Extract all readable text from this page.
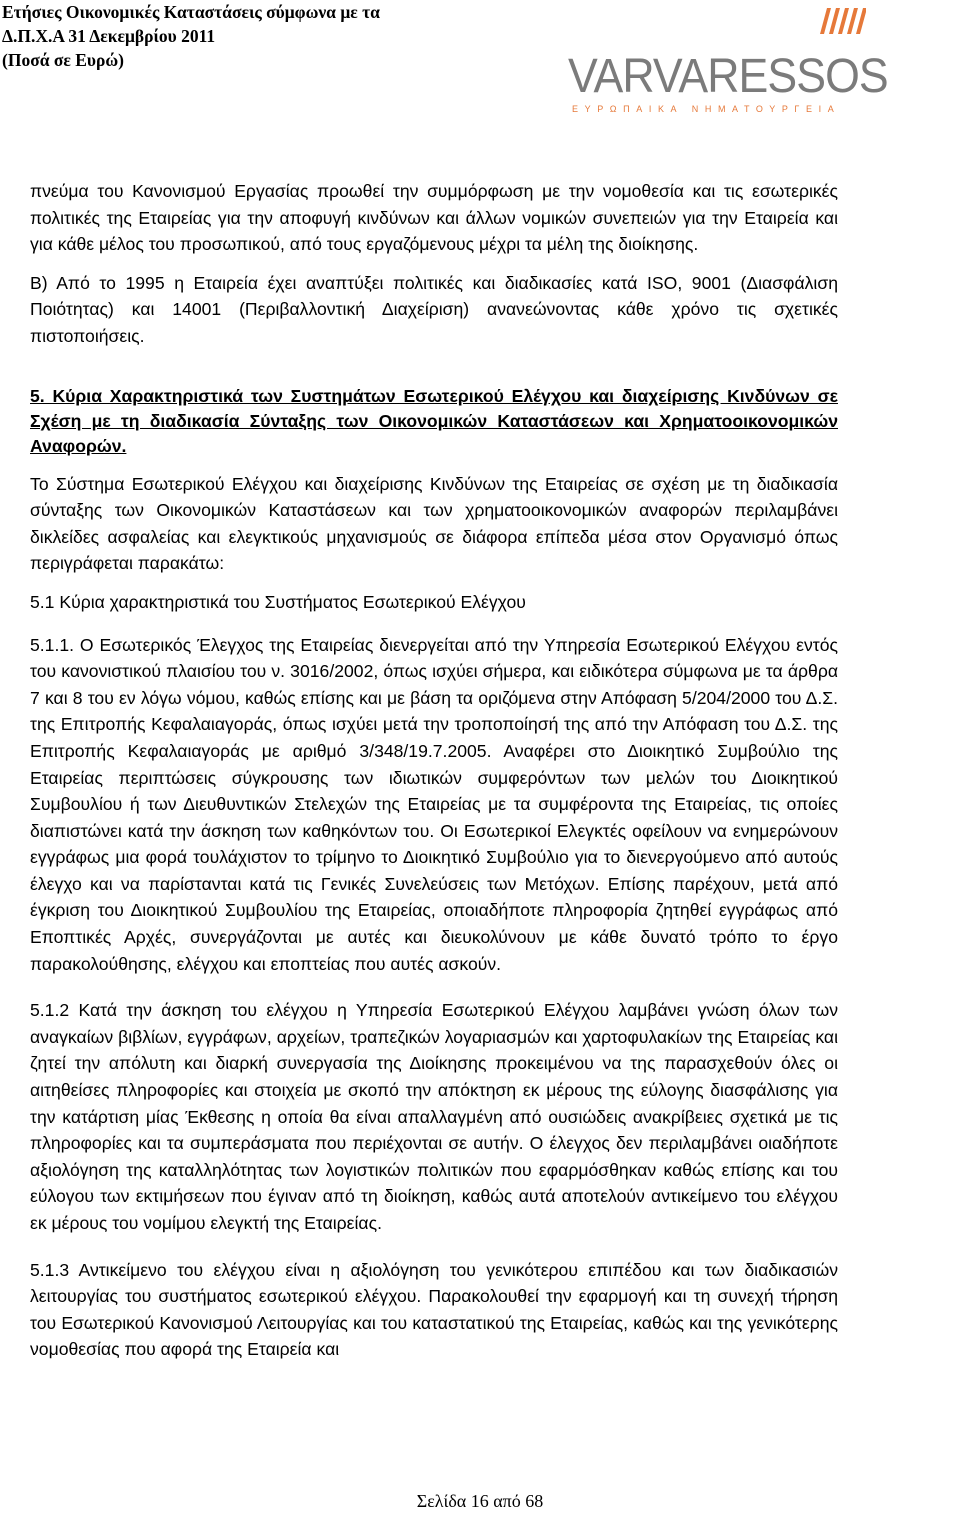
Ετήσιες Οικονομικές Καταστάσεις σύμφωνα με τα
Δ.Π.Χ.Α 31 Δεκεμβρίου 2011
(Ποσά σε Ευρώ)	VARVARESSOS
ΕΥΡΩΠΑΙΚΑ ΝΗΜΑΤΟΥΡΓΕΙΑ

πνεύμα του Κανονισμού Εργασίας προωθεί την συμμόρφωση με την νομοθεσία και τις εσωτερικές πολιτικές της Εταιρείας για την αποφυγή κινδύνων και άλλων νομικών συνεπειών για την Εταιρεία και για κάθε μέλος του προσωπικού, από τους εργαζόμενους μέχρι τα μέλη της διοίκησης.

Β) Από το 1995 η Εταιρεία έχει αναπτύξει πολιτικές και διαδικασίες κατά ISO, 9001 (Διασφάλιση Ποιότητας) και 14001 (Περιβαλλοντική Διαχείριση) ανανεώνοντας κάθε χρόνο τις σχετικές πιστοποιήσεις.

5. Κύρια Χαρακτηριστικά των Συστημάτων Εσωτερικού Ελέγχου και διαχείρισης Κινδύνων σε Σχέση με τη διαδικασία Σύνταξης των Οικονομικών Καταστάσεων και Χρηματοοικονομικών Αναφορών.

Το Σύστημα Εσωτερικού Ελέγχου και διαχείρισης Κινδύνων της Εταιρείας σε σχέση με τη διαδικασία σύνταξης των Οικονομικών Καταστάσεων και των χρηματοοικονομικών αναφορών περιλαμβάνει δικλείδες ασφαλείας και ελεγκτικούς μηχανισμούς σε διάφορα επίπεδα μέσα στον Οργανισμό όπως περιγράφεται παρακάτω:

5.1 Κύρια χαρακτηριστικά του Συστήματος Εσωτερικού Ελέγχου

5.1.1. Ο Εσωτερικός Έλεγχος της Εταιρείας διενεργείται από την Υπηρεσία Εσωτερικού Ελέγχου εντός του κανονιστικού πλαισίου του ν. 3016/2002, όπως ισχύει σήμερα, και ειδικότερα σύμφωνα με τα άρθρα 7 και 8 του εν λόγω νόμου, καθώς επίσης και με βάση τα οριζόμενα στην Απόφαση 5/204/2000 του Δ.Σ. της Επιτροπής Κεφαλαιαγοράς, όπως ισχύει μετά την τροποποίησή της από την Απόφαση του Δ.Σ. της Επιτροπής Κεφαλαιαγοράς με αριθμό 3/348/19.7.2005. Αναφέρει στο Διοικητικό Συμβούλιο της Εταιρείας περιπτώσεις σύγκρουσης των ιδιωτικών συμφερόντων των μελών του Διοικητικού Συμβουλίου ή των Διευθυντικών Στελεχών της Εταιρείας με τα συμφέροντα της Εταιρείας, τις οποίες διαπιστώνει κατά την άσκηση των καθηκόντων του. Οι Εσωτερικοί Ελεγκτές οφείλουν να ενημερώνουν εγγράφως μια φορά τουλάχιστον το τρίμηνο το Διοικητικό Συμβούλιο για το διενεργούμενο από αυτούς έλεγχο και να παρίστανται κατά τις Γενικές Συνελεύσεις των Μετόχων. Επίσης παρέχουν, μετά από έγκριση του Διοικητικού Συμβουλίου της Εταιρείας, οποιαδήποτε πληροφορία ζητηθεί εγγράφως από Εποπτικές Αρχές, συνεργάζονται με αυτές και διευκολύνουν με κάθε δυνατό τρόπο το έργο παρακολούθησης, ελέγχου και εποπτείας που αυτές ασκούν.

5.1.2 Κατά την άσκηση του ελέγχου η Υπηρεσία Εσωτερικού Ελέγχου λαμβάνει γνώση όλων των αναγκαίων βιβλίων, εγγράφων, αρχείων, τραπεζικών λογαριασμών και χαρτοφυλακίων της Εταιρείας και ζητεί την απόλυτη και διαρκή συνεργασία της Διοίκησης προκειμένου να της παρασχεθούν όλες οι αιτηθείσες πληροφορίες και στοιχεία με σκοπό την απόκτηση εκ μέρους της εύλογης διασφάλισης για την κατάρτιση μίας Έκθεσης η οποία θα είναι απαλλαγμένη από ουσιώδεις ανακρίβειες σχετικά με τις πληροφορίες και τα συμπεράσματα που περιέχονται σε αυτήν. Ο έλεγχος δεν περιλαμβάνει οιαδήποτε αξιολόγηση της καταλληλότητας των λογιστικών πολιτικών που εφαρμόσθηκαν καθώς επίσης και του εύλογου των εκτιμήσεων που έγιναν από τη διοίκηση, καθώς αυτά αποτελούν αντικείμενο του ελέγχου εκ μέρους του νομίμου ελεγκτή της Εταιρείας.

5.1.3 Αντικείμενο του ελέγχου είναι η αξιολόγηση του γενικότερου επιπέδου και των διαδικασιών λειτουργίας του συστήματος εσωτερικού ελέγχου. Παρακολουθεί την εφαρμογή και τη συνεχή τήρηση του Εσωτερικού Κανονισμού Λειτουργίας και του καταστατικού της Εταιρείας, καθώς και της γενικότερης νομοθεσίας που αφορά της Εταιρεία και

Σελίδα 16 από 68
